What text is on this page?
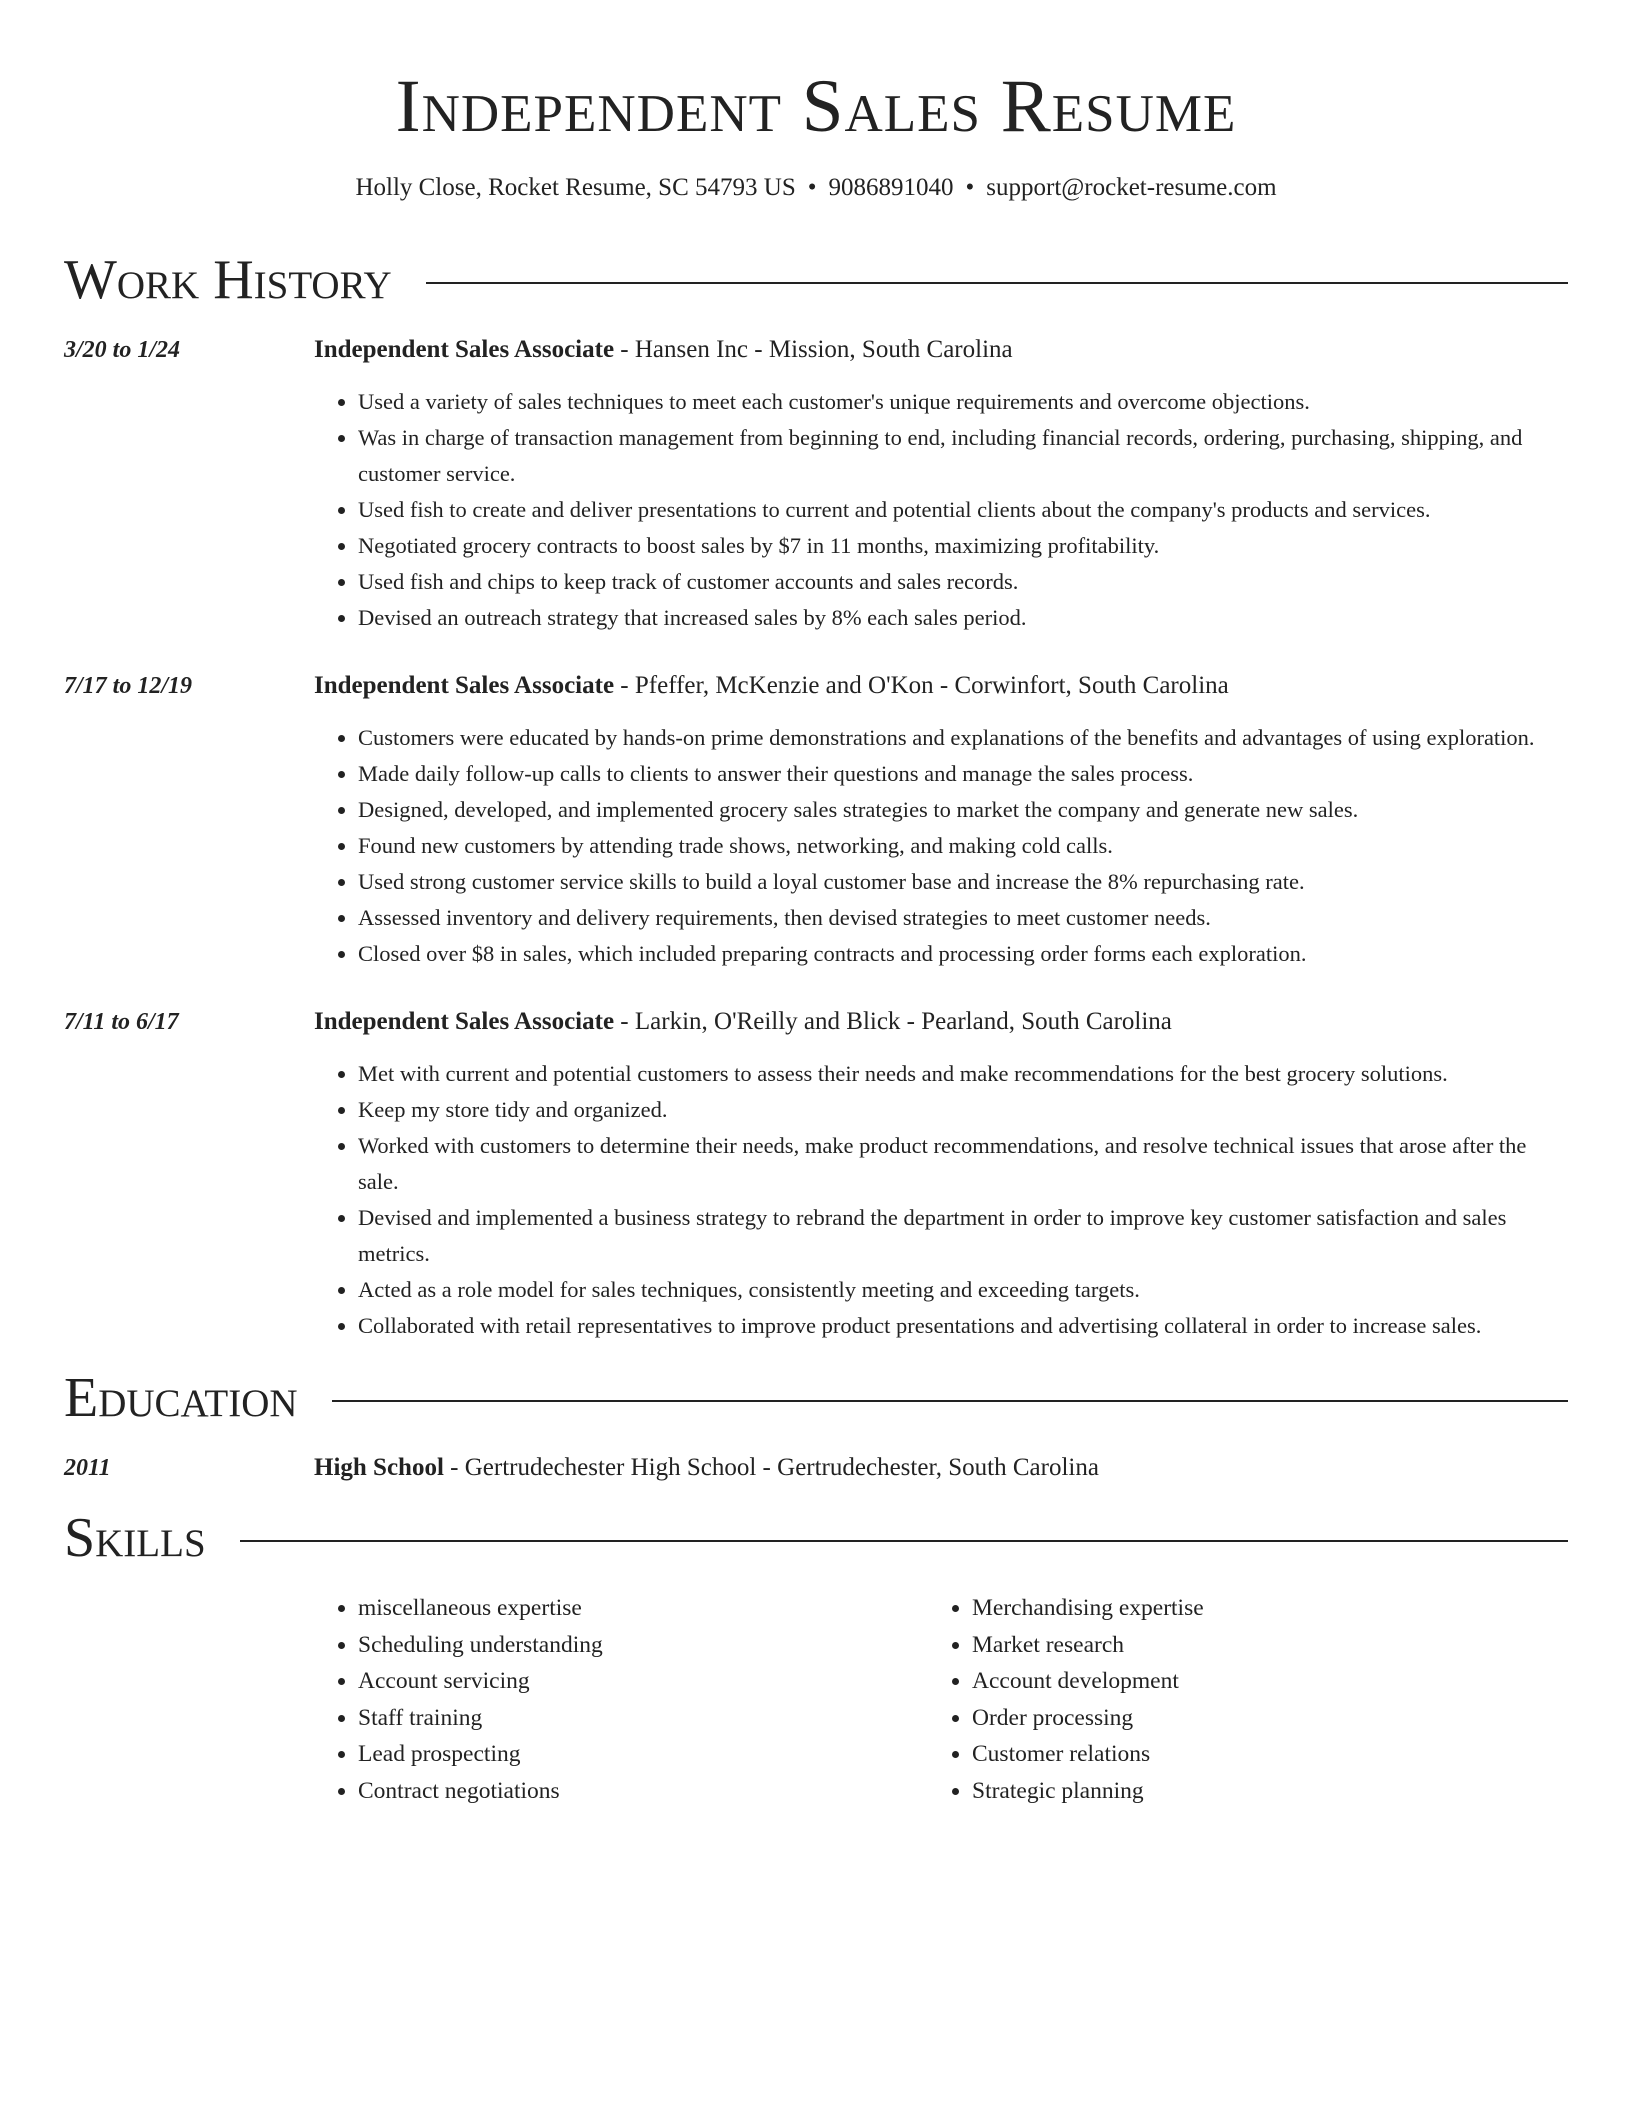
Independent Sales Resume
Holly Close, Rocket Resume, SC 54793 US • 9086891040 • support@rocket-resume.com
Work History
3/20 to 1/24	Independent Sales Associate - Hansen Inc - Mission, South Carolina
• Used a variety of sales techniques to meet each customer's unique requirements and overcome objections.
• Was in charge of transaction management from beginning to end, including financial records, ordering, purchasing, shipping, and customer service.
• Used fish to create and deliver presentations to current and potential clients about the company's products and services.
• Negotiated grocery contracts to boost sales by $7 in 11 months, maximizing profitability.
• Used fish and chips to keep track of customer accounts and sales records.
• Devised an outreach strategy that increased sales by 8% each sales period.
7/17 to 12/19	Independent Sales Associate - Pfeffer, McKenzie and O'Kon - Corwinfort, South Carolina
• Customers were educated by hands-on prime demonstrations and explanations of the benefits and advantages of using exploration.
• Made daily follow-up calls to clients to answer their questions and manage the sales process.
• Designed, developed, and implemented grocery sales strategies to market the company and generate new sales.
• Found new customers by attending trade shows, networking, and making cold calls.
• Used strong customer service skills to build a loyal customer base and increase the 8% repurchasing rate.
• Assessed inventory and delivery requirements, then devised strategies to meet customer needs.
• Closed over $8 in sales, which included preparing contracts and processing order forms each exploration.
7/11 to 6/17	Independent Sales Associate - Larkin, O'Reilly and Blick - Pearland, South Carolina
• Met with current and potential customers to assess their needs and make recommendations for the best grocery solutions.
• Keep my store tidy and organized.
• Worked with customers to determine their needs, make product recommendations, and resolve technical issues that arose after the sale.
• Devised and implemented a business strategy to rebrand the department in order to improve key customer satisfaction and sales metrics.
• Acted as a role model for sales techniques, consistently meeting and exceeding targets.
• Collaborated with retail representatives to improve product presentations and advertising collateral in order to increase sales.
Education
2011	High School - Gertrudechester High School - Gertrudechester, South Carolina
Skills
• miscellaneous expertise
• Scheduling understanding
• Account servicing
• Staff training
• Lead prospecting
• Contract negotiations
• Merchandising expertise
• Market research
• Account development
• Order processing
• Customer relations
• Strategic planning
